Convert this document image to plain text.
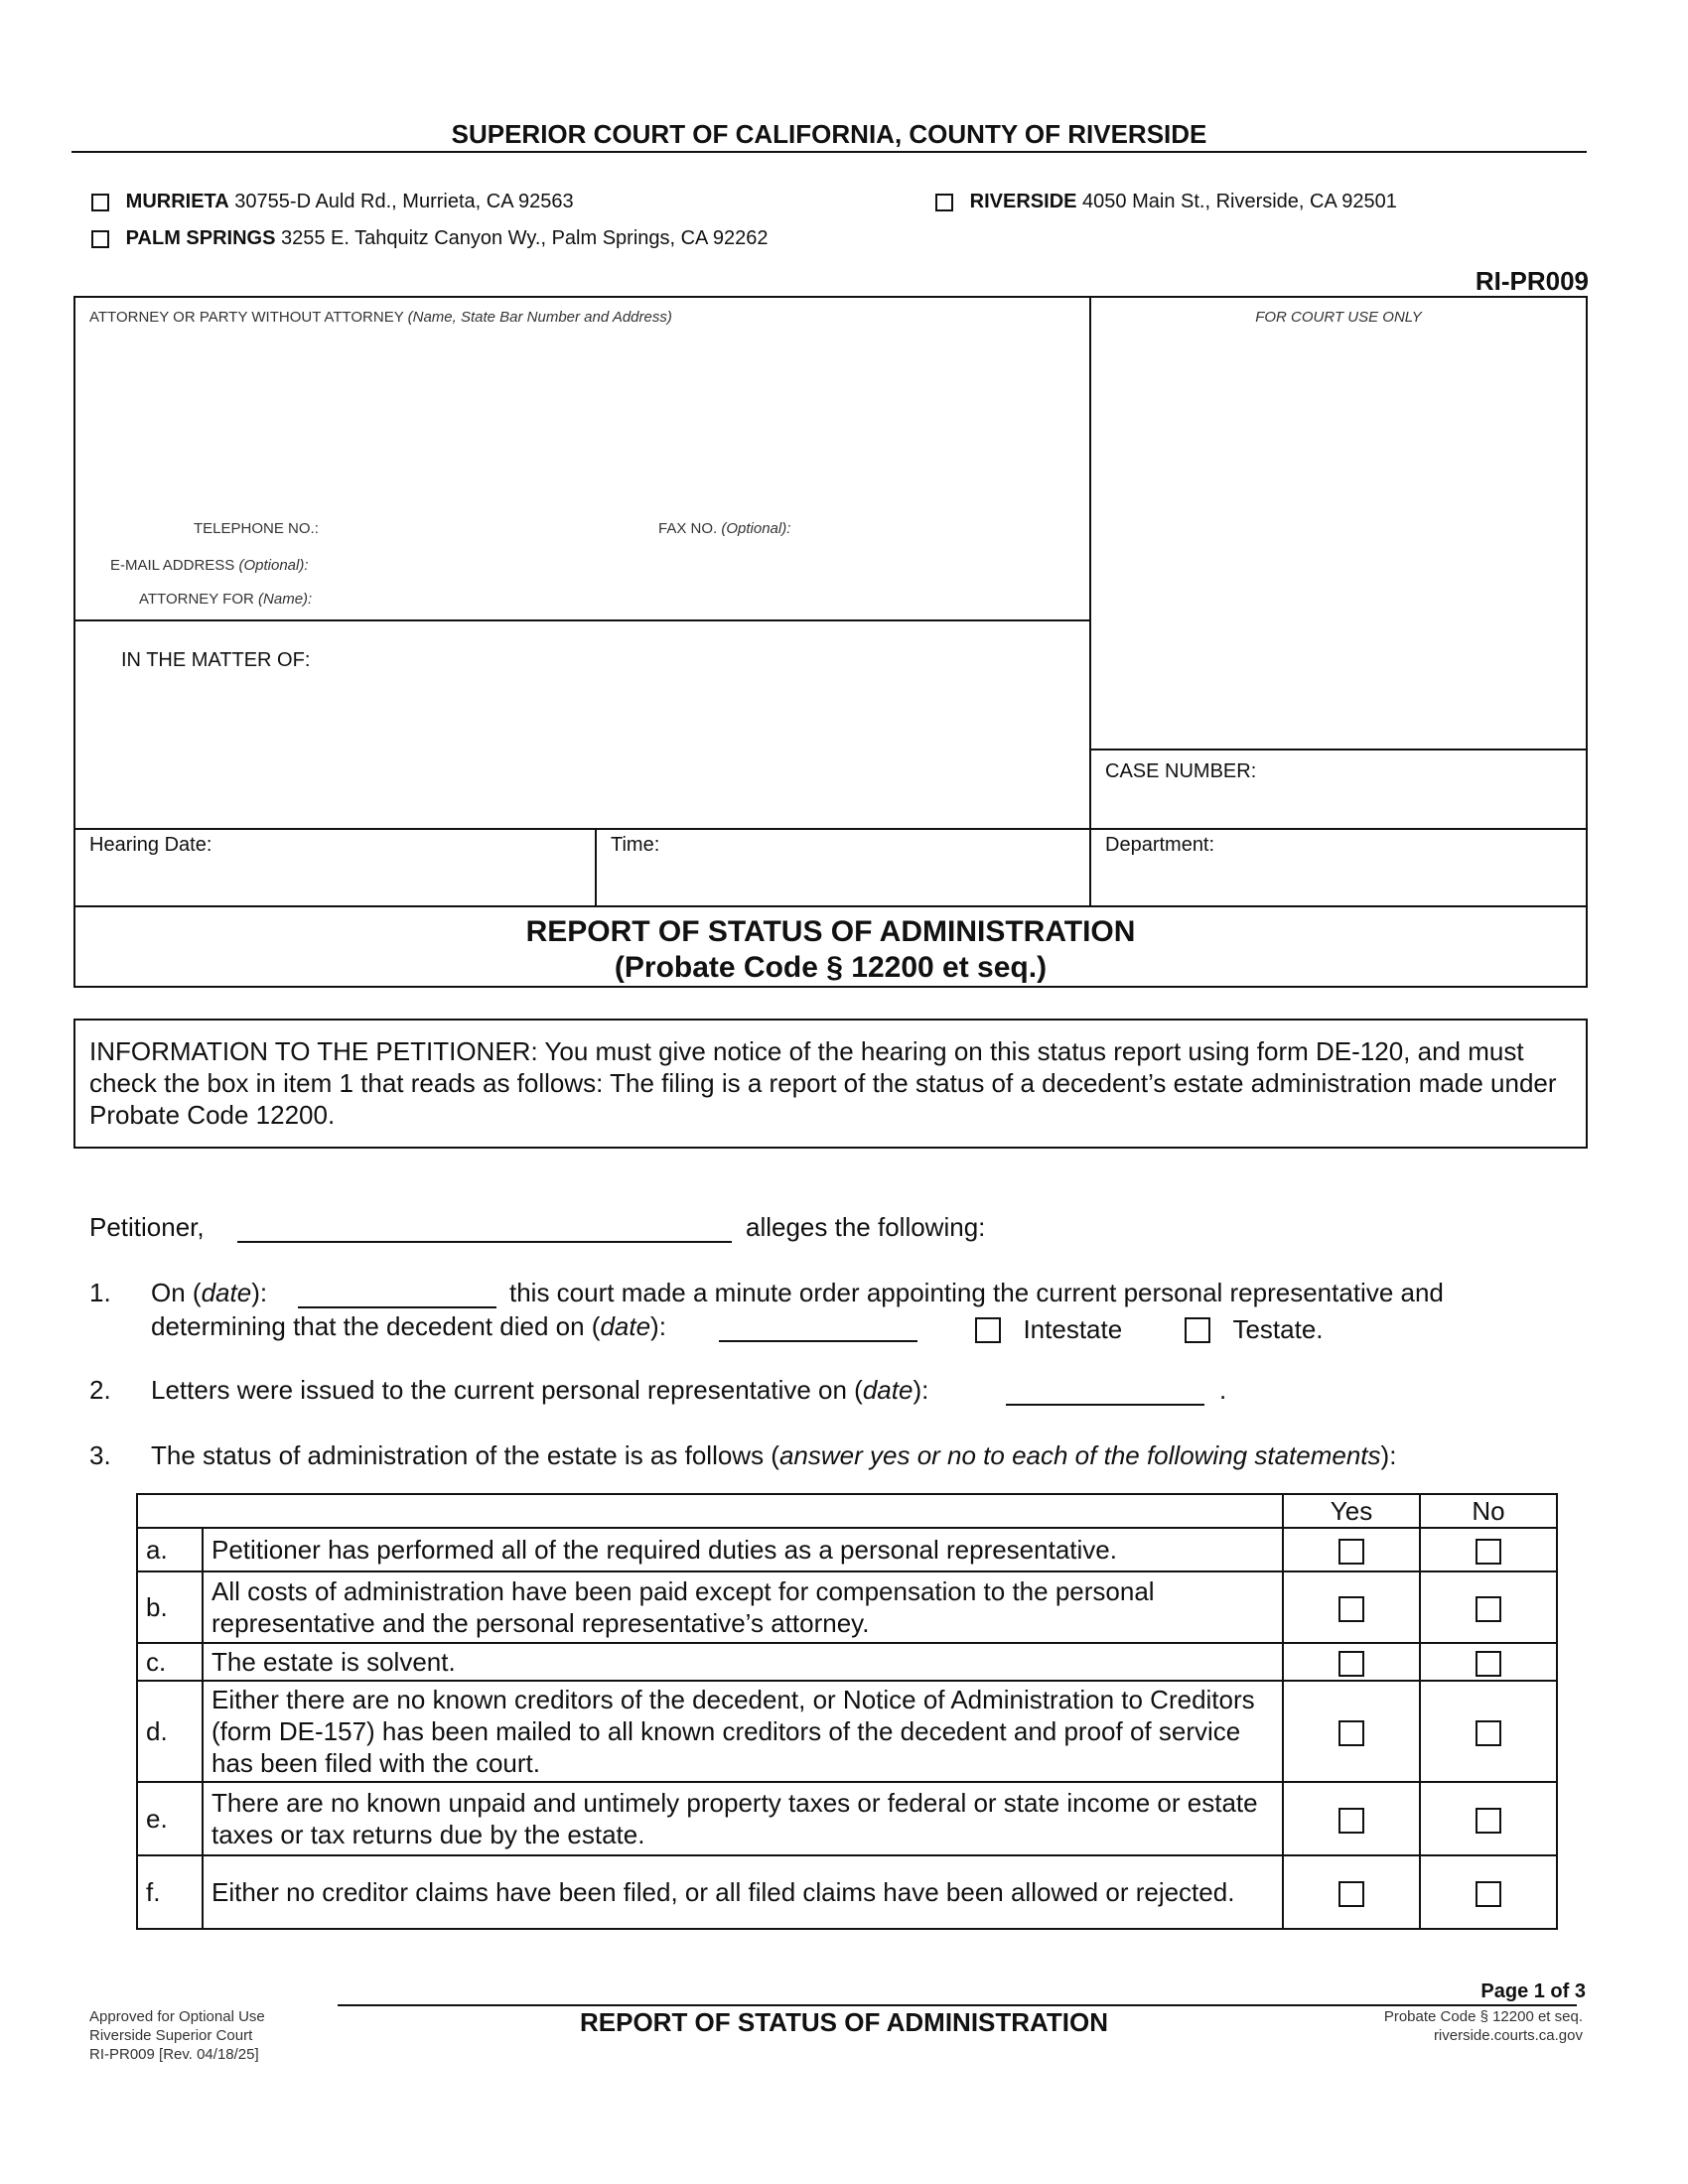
SUPERIOR COURT OF CALIFORNIA, COUNTY OF RIVERSIDE
MURRIETA 30755-D Auld Rd., Murrieta, CA 92563
PALM SPRINGS 3255 E. Tahquitz Canyon Wy., Palm Springs, CA 92262
RIVERSIDE 4050 Main St., Riverside, CA 92501
RI-PR009
ATTORNEY OR PARTY WITHOUT ATTORNEY (Name, State Bar Number and Address)
TELEPHONE NO.:	FAX NO. (Optional):
E-MAIL ADDRESS (Optional):
ATTORNEY FOR (Name):
FOR COURT USE ONLY
IN THE MATTER OF:
CASE NUMBER:
Hearing Date:	Time:	Department:
REPORT OF STATUS OF ADMINISTRATION
(Probate Code § 12200 et seq.)
INFORMATION TO THE PETITIONER: You must give notice of the hearing on this status report using form DE-120, and must check the box in item 1 that reads as follows: The filing is a report of the status of a decedent’s estate administration made under Probate Code 12200.
Petitioner,	alleges the following:
1. On (date):	this court made a minute order appointing the current personal representative and
determining that the decedent died on (date):	Intestate	Testate.
2. Letters were issued to the current personal representative on (date):	.
3. The status of administration of the estate is as follows (answer yes or no to each of the following statements):
		Yes	No
a.	Petitioner has performed all of the required duties as a personal representative.		
b.	All costs of administration have been paid except for compensation to the personal representative and the personal representative’s attorney.		
c.	The estate is solvent.		
d.	Either there are no known creditors of the decedent, or Notice of Administration to Creditors (form DE-157) has been mailed to all known creditors of the decedent and proof of service has been filed with the court.		
e.	There are no known unpaid and untimely property taxes or federal or state income or estate taxes or tax returns due by the estate.		
f.	Either no creditor claims have been filed, or all filed claims have been allowed or rejected.		
Page 1 of 3
Approved for Optional Use
Riverside Superior Court
RI-PR009 [Rev. 04/18/25]
REPORT OF STATUS OF ADMINISTRATION	Probate Code § 12200 et seq.
riverside.courts.ca.gov
